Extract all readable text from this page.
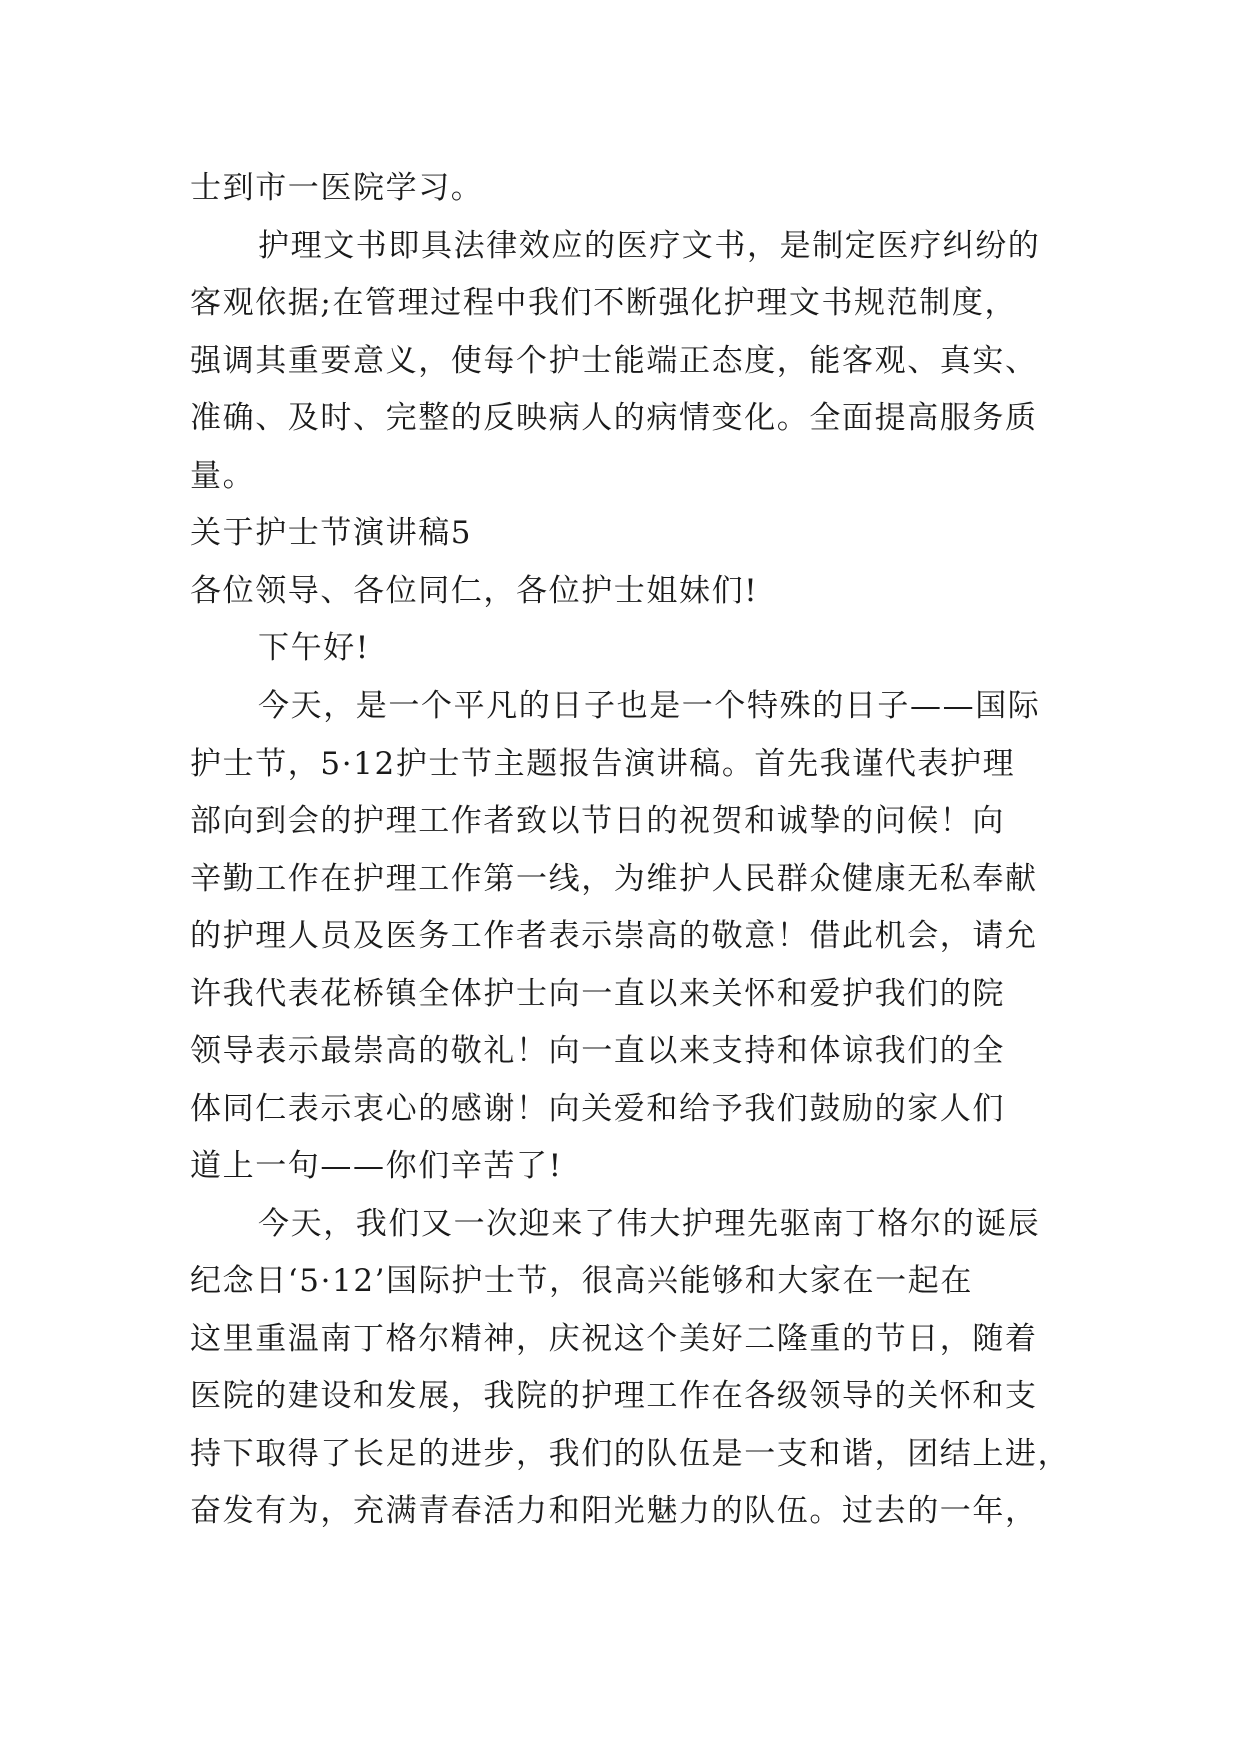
士到市一医院学习。
护理文书即具法律效应的医疗文书，是制定医疗纠纷的
客观依据;在管理过程中我们不断强化护理文书规范制度，
强调其重要意义，使每个护士能端正态度，能客观、真实、
准确、及时、完整的反映病人的病情变化。全面提高服务质
量。
关于护士节演讲稿5
各位领导、各位同仁，各位护士姐妹们!
下午好!
今天，是一个平凡的日子也是一个特殊的日子——国际
护士节，5·12护士节主题报告演讲稿。首先我谨代表护理
部向到会的护理工作者致以节日的祝贺和诚挚的问候！向
辛勤工作在护理工作第一线，为维护人民群众健康无私奉献
的护理人员及医务工作者表示崇高的敬意！借此机会，请允
许我代表花桥镇全体护士向一直以来关怀和爱护我们的院
领导表示最崇高的敬礼！向一直以来支持和体谅我们的全
体同仁表示衷心的感谢！向关爱和给予我们鼓励的家人们
道上一句——你们辛苦了!
今天，我们又一次迎来了伟大护理先驱南丁格尔的诞辰
纪念日‘5·12’国际护士节，很高兴能够和大家在一起在
这里重温南丁格尔精神，庆祝这个美好二隆重的节日，随着
医院的建设和发展，我院的护理工作在各级领导的关怀和支
持下取得了长足的进步，我们的队伍是一支和谐，团结上进，
奋发有为，充满青春活力和阳光魅力的队伍。过去的一年，
